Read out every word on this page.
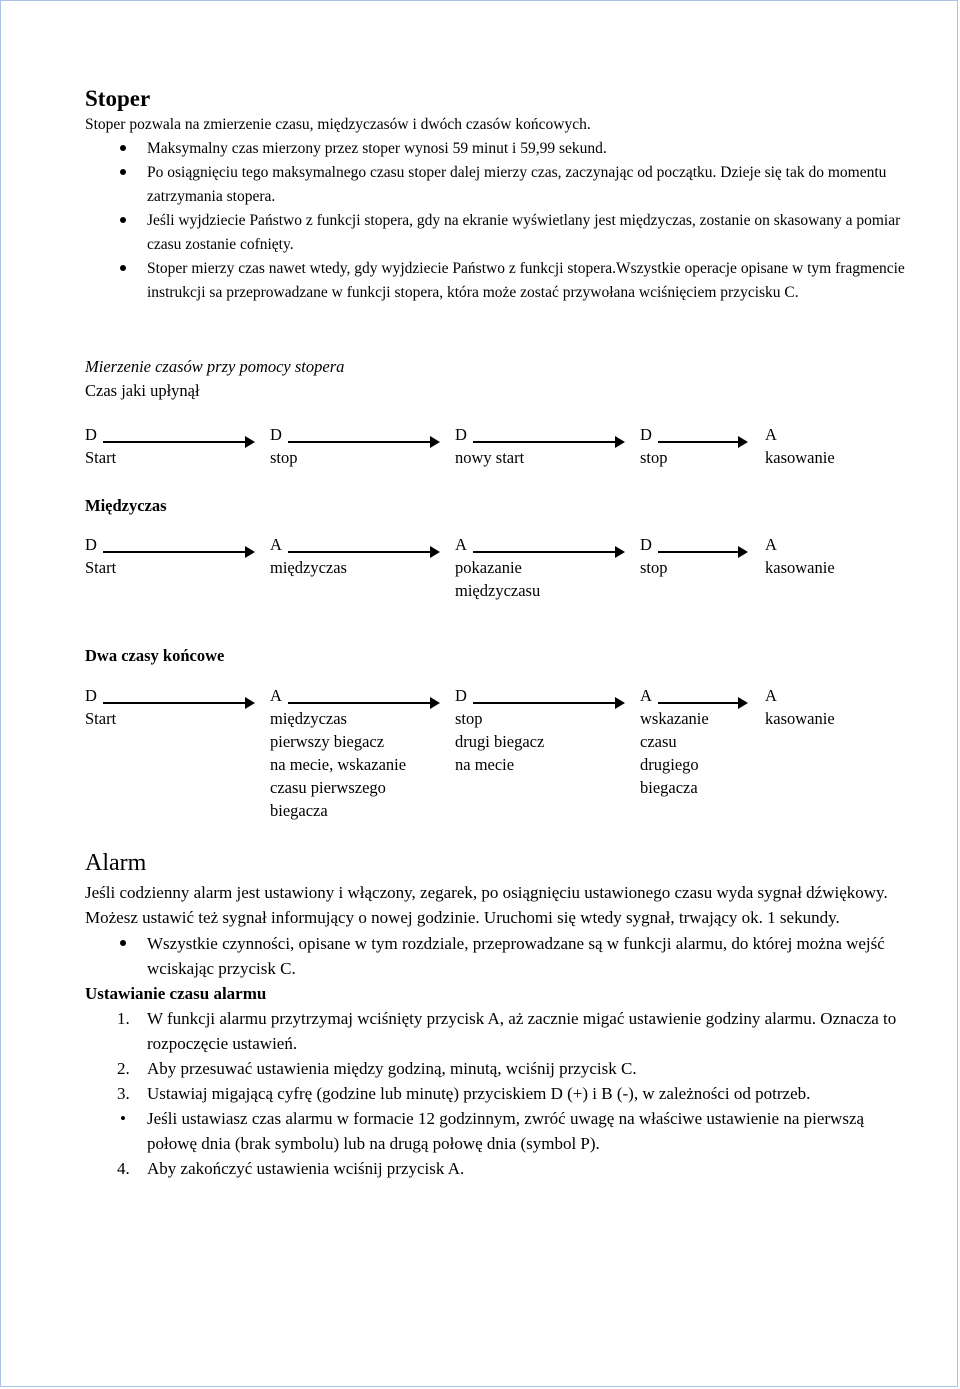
Stoper

Stoper pozwala na zmierzenie czasu, międzyczasów i dwóch czasów końcowych.

Maksymalny czas mierzony przez stoper wynosi 59 minut i 59,99 sekund.
Po osiągnięciu tego maksymalnego czasu stoper dalej mierzy czas, zaczynając od początku. Dzieje się tak do momentu zatrzymania stopera.
Jeśli wyjdziecie Państwo z funkcji stopera, gdy na ekranie wyświetlany jest międzyczas, zostanie on skasowany a pomiar czasu zostanie cofnięty.
Stoper mierzy czas nawet wtedy, gdy wyjdziecie Państwo z funkcji stopera.Wszystkie operacje opisane w tym fragmencie instrukcji sa przeprowadzane w funkcji stopera, która może zostać przywołana wciśnięciem przycisku C.
Mierzenie czasów przy pomocy stopera
Czas jaki upłynął
D
Start
D
stop
D
nowy start
D
stop
A
kasowanie
Międzyczas
D
Start
A
międzyczas
A
pokazanie
międzyczasu
D
stop
A
kasowanie
Dwa czasy końcowe
D
Start
A
międzyczas
pierwszy biegacz
na mecie, wskazanie
czasu pierwszego
biegacza
D
stop
drugi biegacz
na mecie
A
wskazanie
czasu
drugiego
biegacza
A
kasowanie
Alarm

Jeśli codzienny alarm jest ustawiony i włączony, zegarek, po osiągnięciu ustawionego czasu wyda sygnał dźwiękowy. Możesz ustawić też sygnał informujący o nowej godzinie. Uruchomi się wtedy sygnał, trwający ok. 1 sekundy.

Wszystkie czynności, opisane w tym rozdziale, przeprowadzane są w funkcji alarmu, do której można wejść wciskając przycisk C.
Ustawianie czasu alarmu
1. W funkcji alarmu przytrzymaj wciśnięty przycisk A, aż zacznie migać ustawienie godziny alarmu. Oznacza to rozpoczęcie ustawień.
2. Aby przesuwać ustawienia między godziną, minutą, wciśnij przycisk C.
3. Ustawiaj migającą cyfrę (godzine lub minutę) przyciskiem D (+) i B (-), w zależności od potrzeb.
• Jeśli ustawiasz czas alarmu w formacie 12 godzinnym, zwróć uwagę na właściwe ustawienie na pierwszą połowę dnia (brak symbolu) lub na drugą połowę dnia (symbol P).
4. Aby zakończyć ustawienia wciśnij przycisk A.
